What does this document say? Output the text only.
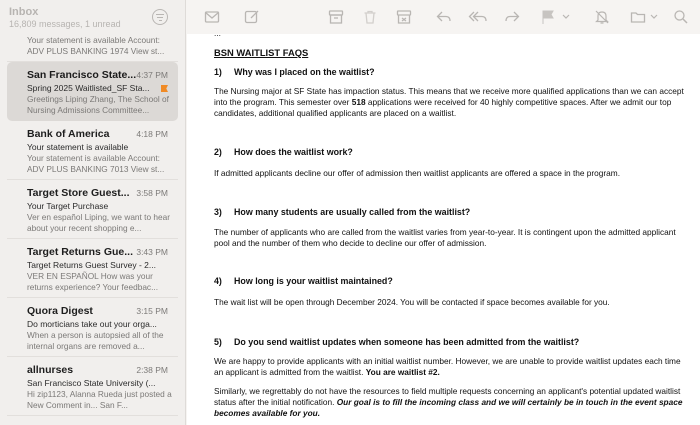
Inbox
16,809 messages, 1 unread
Your statement is available Account:
ADV PLUS BANKING 1974 View st...
San Francisco State... 4:37 PM
Spring 2025 Waitlisted_SF Sta...
Greetings Liping Zhang, The School of Nursing Admissions Committee...
Bank of America	4:18 PM
Your statement is available
Your statement is available Account: ADV PLUS BANKING 7013 View st...
Target Store Guest... 3:58 PM
Your Target Purchase
Ver en español Liping, we want to hear about your recent shopping e...
Target Returns Gue... 3:43 PM
Target Returns Guest Survey - 2...
VER EN ESPAÑOL How was your returns experience? Your feedbac...
Quora Digest	3:15 PM
Do morticians take out your orga...
When a person is autopsied all of the internal organs are removed a...
allnurses	2:38 PM
San Francisco State University (...
Hi zip1123, Alanna Rueda just posted a New Comment in... San F...
...
BSN WAITLIST FAQS
1) Why was I placed on the waitlist?
The Nursing major at SF State has impaction status. This means that we receive more qualified applications than we can accept into the program. This semester over 518 applications were received for 40 highly competitive spaces. After we admit our top candidates, additional qualified applicants are placed on a waitlist.
2) How does the waitlist work?
If admitted applicants decline our offer of admission then waitlist applicants are offered a space in the program.
3) How many students are usually called from the waitlist?
The number of applicants who are called from the waitlist varies from year-to-year. It is contingent upon the admitted applicant pool and the number of them who decide to decline our offer of admission.
4) How long is your waitlist maintained?
The wait list will be open through December 2024. You will be contacted if space becomes available for you.
5) Do you send waitlist updates when someone has been admitted from the waitlist?
We are happy to provide applicants with an initial waitlist number. However, we are unable to provide waitlist updates each time an applicant is admitted from the waitlist. You are waitlist #2.
Similarly, we regrettably do not have the resources to field multiple requests concerning an applicant's potential updated waitlist status after the initial notification. Our goal is to fill the incoming class and we will certainly be in touch in the event space becomes available for you.
